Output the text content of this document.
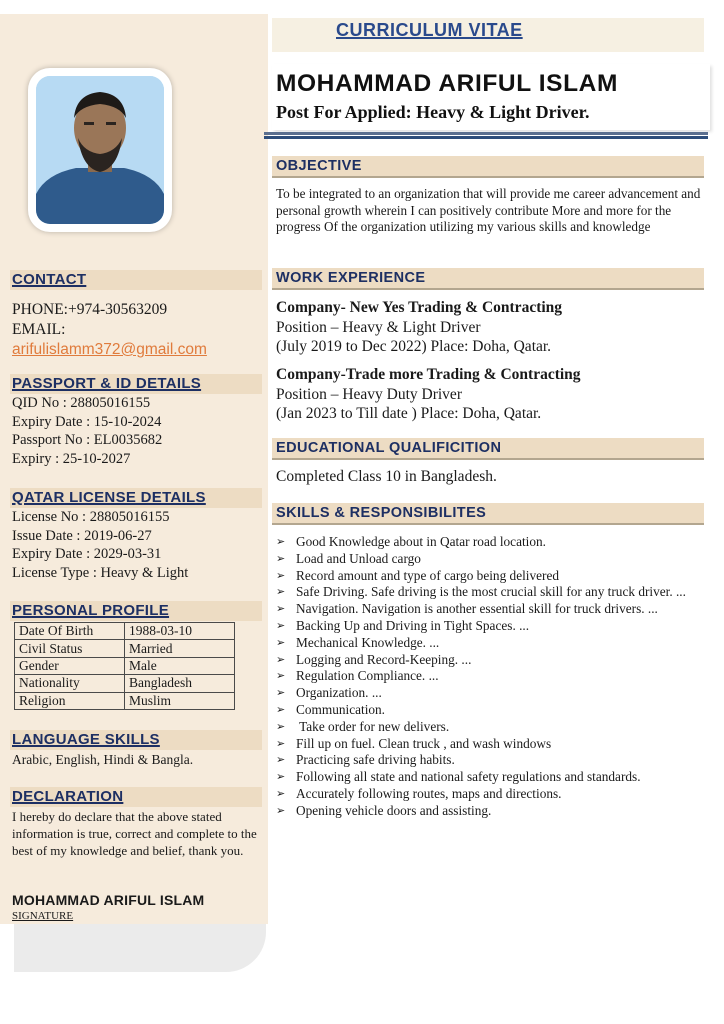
CONTACT
PHONE:+974-30563209
EMAIL:
arifulislamm372@gmail.com
PASSPORT & ID DETAILS
QID No : 28805016155
Expiry Date : 15-10-2024
Passport No : EL0035682
Expiry : 25-10-2027
QATAR LICENSE DETAILS
License No : 28805016155
Issue Date : 2019-06-27
Expiry Date : 2029-03-31
License Type : Heavy & Light
PERSONAL PROFILE
Date Of Birth	1988-03-10
Civil Status	Married
Gender	Male
Nationality	Bangladesh
Religion	Muslim
LANGUAGE SKILLS
Arabic, English, Hindi & Bangla.
DECLARATION
I hereby do declare that the above stated information is true, correct and complete to the best of my knowledge and belief, thank you.
MOHAMMAD ARIFUL ISLAM
SIGNATURE
CURRICULUM VITAE
MOHAMMAD ARIFUL ISLAM
Post For Applied: Heavy & Light Driver.
OBJECTIVE
To be integrated to an organization that will provide me career advancement and personal growth wherein I can positively contribute More and more for the progress Of the organization utilizing my various skills and knowledge
WORK EXPERIENCE
Company- New Yes Trading & Contracting
Position – Heavy & Light Driver
(July 2019 to Dec 2022) Place: Doha, Qatar.
Company-Trade more Trading & Contracting
Position – Heavy Duty Driver
(Jan 2023 to Till date ) Place: Doha, Qatar.
EDUCATIONAL QUALIFICITION
Completed Class 10 in Bangladesh.
SKILLS & RESPONSIBILITES
➢ Good Knowledge about in Qatar road location.
➢ Load and Unload cargo
➢ Record amount and type of cargo being delivered
➢ Safe Driving. Safe driving is the most crucial skill for any truck driver. ...
➢ Navigation. Navigation is another essential skill for truck drivers. ...
➢ Backing Up and Driving in Tight Spaces. ...
➢ Mechanical Knowledge. ...
➢ Logging and Record-Keeping. ...
➢ Regulation Compliance. ...
➢ Organization. ...
➢ Communication.
➢ Take order for new delivers.
➢ Fill up on fuel. Clean truck , and wash windows
➢ Practicing safe driving habits.
➢ Following all state and national safety regulations and standards.
➢ Accurately following routes, maps and directions.
➢ Opening vehicle doors and assisting.
